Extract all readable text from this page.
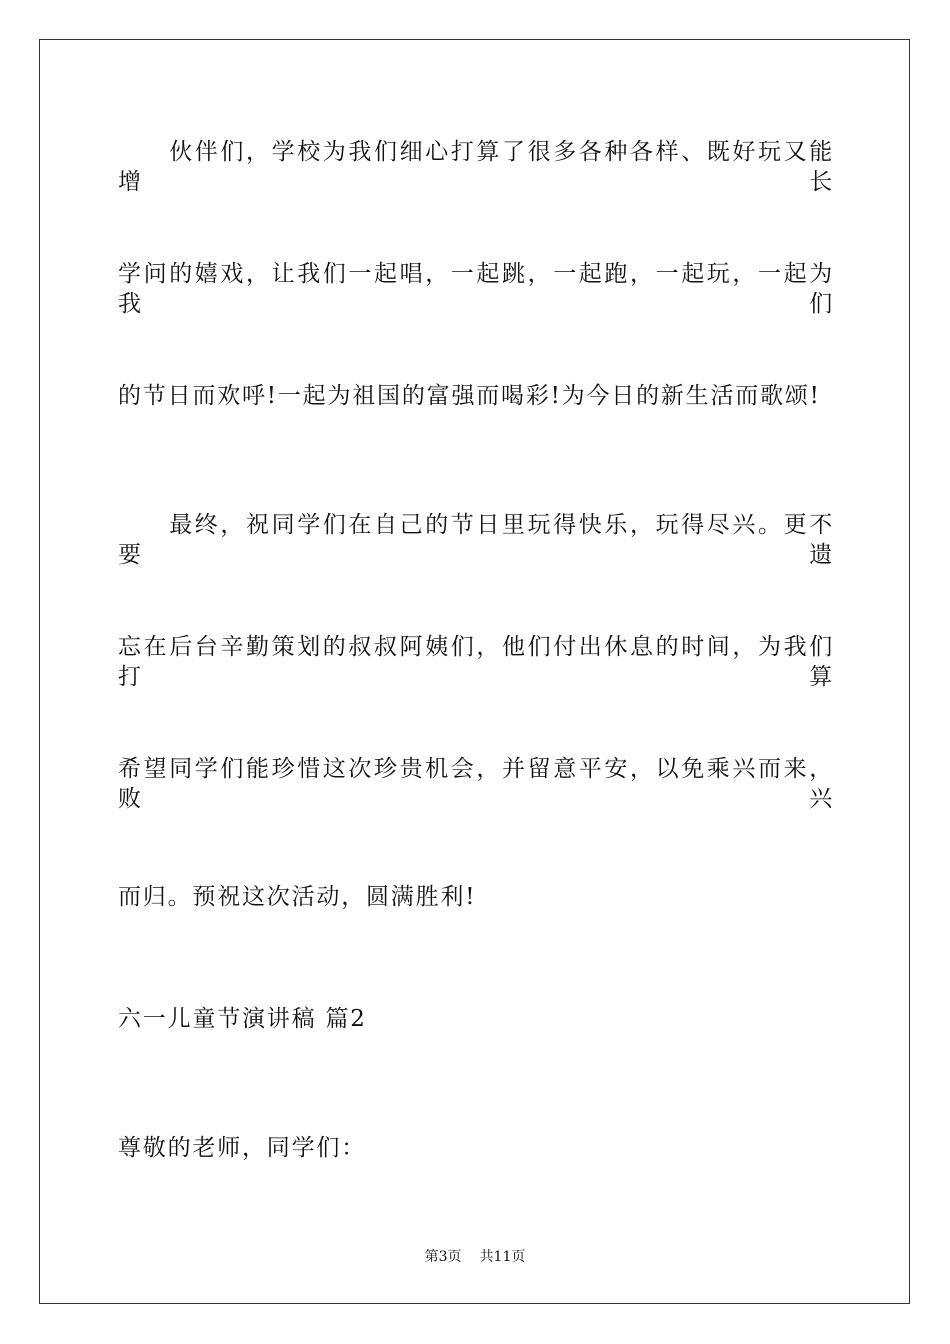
　　伙伴们，学校为我们细心打算了很多各种各样、既好玩又能增长
学问的嬉戏，让我们一起唱，一起跳，一起跑，一起玩，一起为我们
的节日而欢呼!一起为祖国的富强而喝彩!为今日的新生活而歌颂!
　　最终，祝同学们在自己的节日里玩得快乐，玩得尽兴。更不要遗
忘在后台辛勤策划的叔叔阿姨们，他们付出休息的时间，为我们打算
希望同学们能珍惜这次珍贵机会，并留意平安，以免乘兴而来，败兴
而归。预祝这次活动，圆满胜利!
六一儿童节演讲稿 篇2
尊敬的老师，同学们：
第3页 共11页
